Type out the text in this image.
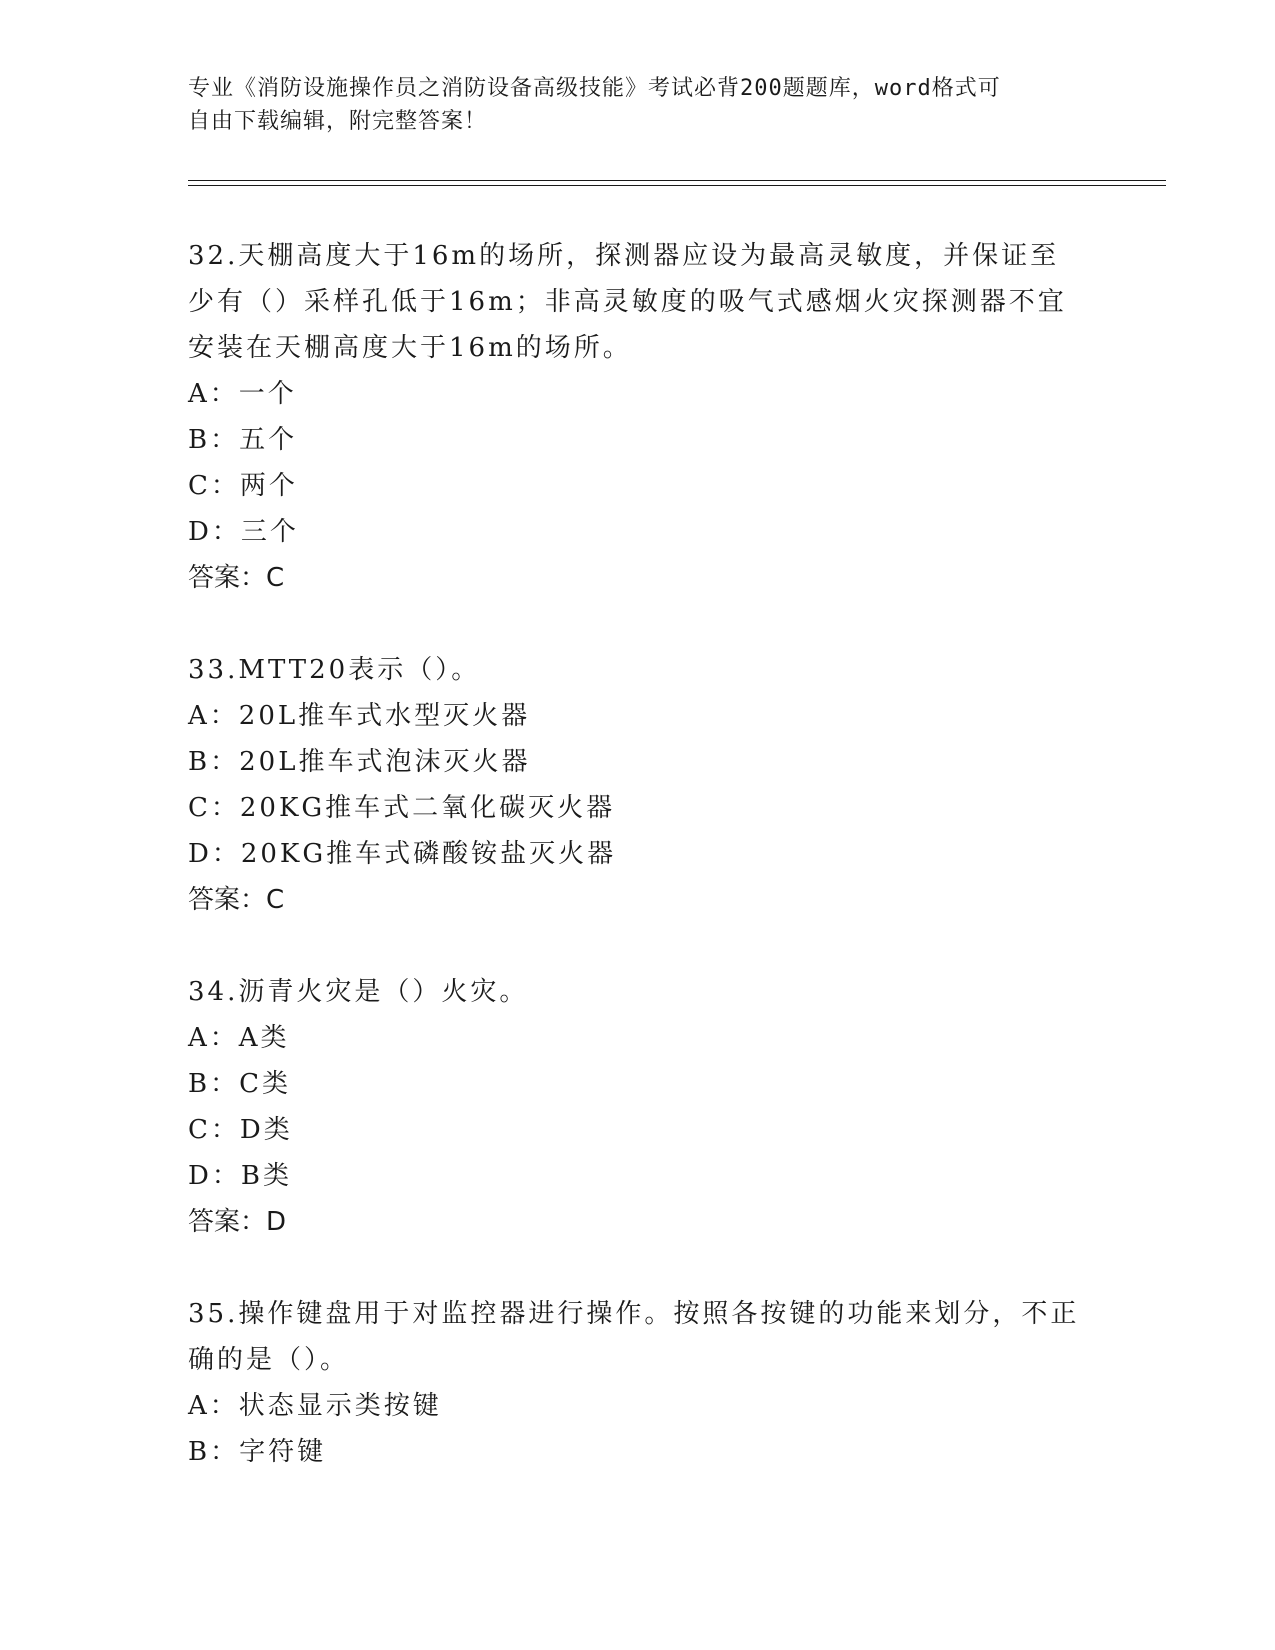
专业《消防设施操作员之消防设备高级技能》考试必背200题题库，word格式可
自由下载编辑，附完整答案！

32.天棚高度大于16m的场所，探测器应设为最高灵敏度，并保证至少有（）采样孔低于16m；非高灵敏度的吸气式感烟火灾探测器不宜安装在天棚高度大于16m的场所。

A：一个

B：五个

C：两个

D：三个

答案：C

33.MTT20表示（）。

A：20L推车式水型灭火器

B：20L推车式泡沫灭火器

C：20KG推车式二氧化碳灭火器

D：20KG推车式磷酸铵盐灭火器

答案：C

34.沥青火灾是（）火灾。

A：A类

B：C类

C：D类

D：B类

答案：D

35.操作键盘用于对监控器进行操作。按照各按键的功能来划分，不正确的是（）。

A：状态显示类按键

B：字符键
